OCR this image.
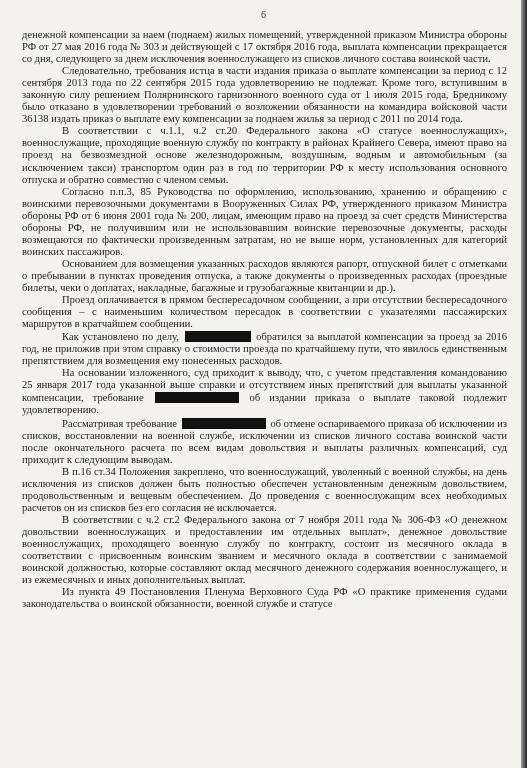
6

денежной компенсации за наем (поднаем) жилых помещений, утвержденной приказом Министра обороны РФ от 27 мая 2016 года № 303 и действующей с 17 октября 2016 года, выплата компенсации прекращается со дня, следующего за днем исключения военнослужащего из списков личного состава воинской части.

Следовательно, требования истца в части издания приказа о выплате компенсации за период с 12 сентября 2013 года по 22 сентября 2015 года удовлетворению не подлежат. Кроме того, вступившим в законную силу решением Полярнинского гарнизонного военного суда от 1 июля 2015 года, Бредникому было отказано в удовлетворении требований о возложении обязанности на командира войсковой части 36138 издать приказ о выплате ему компенсации за поднаем жилья за период с 2011 по 2014 года.

В соответствии с ч.1.1, ч.2 ст.20 Федерального закона «О статусе военнослужащих», военнослужащие, проходящие военную службу по контракту в районах Крайнего Севера, имеют право на проезд на безвозмездной основе железнодорожным, воздушным, водным и автомобильным (за исключением такси) транспортом один раз в год по территории РФ к месту использования основного отпуска и обратно совместно с членом семьи.

Согласно п.п.3, 85 Руководства по оформлению, использованию, хранению и обращению с воинскими перевозочными документами в Вооруженных Силах РФ, утвержденного приказом Министра обороны РФ от 6 июня 2001 года № 200, лицам, имеющим право на проезд за счет средств Министерства обороны РФ, не получившим или не использовавшим воинские перевозочные документы, расходы возмещаются по фактически произведенным затратам, но не выше норм, установленных для категорий воинских пассажиров.

Основанием для возмещения указанных расходов являются рапорт, отпускной билет с отметками о пребывании в пунктах проведения отпуска, а также документы о произведенных расходах (проездные билеты, чеки о доплатах, накладные, багажные и грузобагажные квитанции и др.).

Проезд оплачивается в прямом беспересадочном сообщении, а при отсутствии беспересадочного сообщения – с наименьшим количеством пересадок в соответствии с указателями пассажирских маршрутов в кратчайшем сообщении.

Как установлено по делу,	обратился за выплатой компенсации за проезд за 2016 год, не приложив при этом справку о стоимости проезда по кратчайшему пути, что явилось единственным препятствием для возмещения ему понесенных расходов.

На основании изложенного, суд приходит к выводу, что, с учетом представления командованию 25 января 2017 года указанной выше справки и отсутствием иных препятствий для выплаты указанной компенсации, требование	об издании приказа о выплате таковой подлежит удовлетворению.

Рассматривая требование	об отмене оспариваемого приказа об исключении из списков, восстановлении на военной службе, исключении из списков личного состава воинской части после окончательного расчета по всем видам довольствия и выплаты различных компенсаций, суд приходит к следующим выводам.

В п.16 ст.34 Положения закреплено, что военнослужащий, уволенный с военной службы, на день исключения из списков должен быть полностью обеспечен установленным денежным довольствием, продовольственным и вещевым обеспечением. До проведения с военнослужащим всех необходимых расчетов он из списков без его согласия не исключается.

В соответствии с ч.2 ст.2 Федерального закона от 7 ноября 2011 года № 306-ФЗ «О денежном довольствии военнослужащих и предоставлении им отдельных выплат», денежное довольствие военнослужащих, проходящего военную службу по контракту, состоит из месячного оклада в соответствии с присвоенным воинским званием и месячного оклада в соответствии с занимаемой воинской должностью, которые составляют оклад месячного денежного содержания военнослужащего, и из ежемесячных и иных дополнительных выплат.

Из пункта 49 Постановления Пленума Верховного Суда РФ «О практике применения судами законодательства о воинской обязанности, военной службе и статусе
